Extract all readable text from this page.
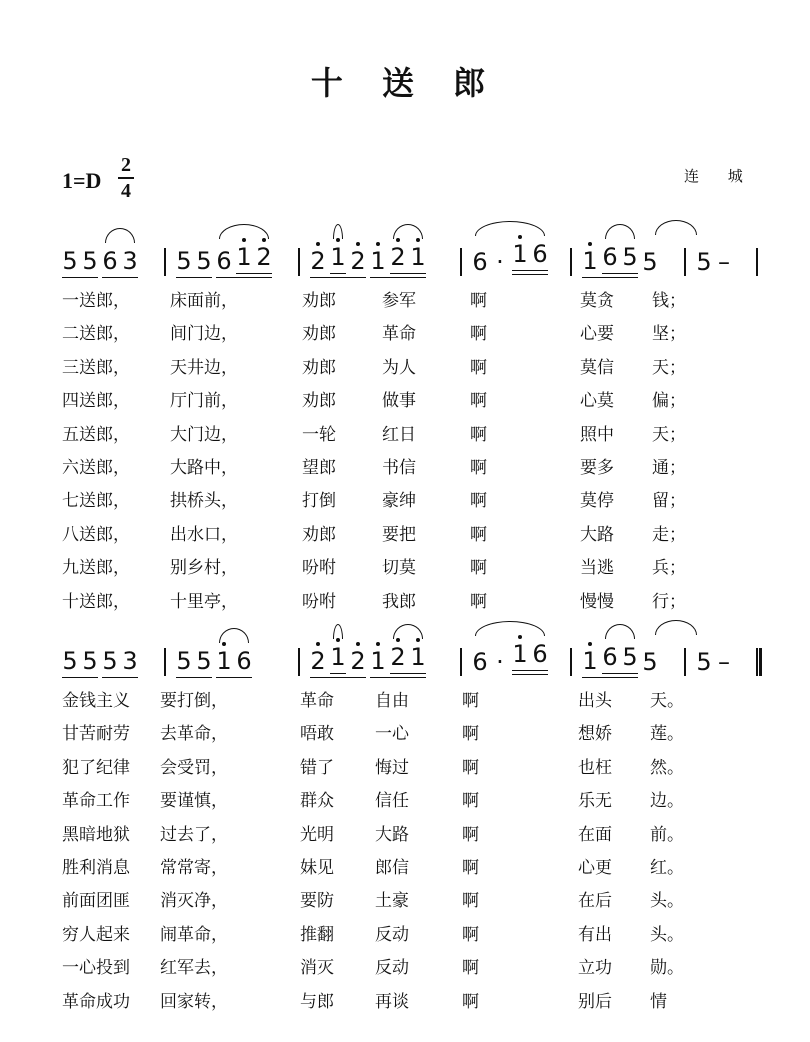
十 送 郎
1=D
2
4
连 城
5 5 6 3 5 5 6 1 2 2 1 2 1 2 1 6 · 1 6 1 6 5 5 5 –
5 5 5 3 5 5 1 6 2 1 2 1 2 1 6 · 1 6 1 6 5 5 5 –
一送郎， 床面前，	劝郎	参军	啊	莫贪 钱；
二送郎， 间门边，	劝郎	革命	啊	心要 坚；
三送郎， 天井边，	劝郎	为人	啊	莫信 天；
四送郎， 厅门前，	劝郎	做事	啊	心莫 偏；
五送郎， 大门边，	一轮	红日	啊	照中 天；
六送郎， 大路中，	望郎	书信	啊	要多 通；
七送郎， 拱桥头，	打倒	豪绅	啊	莫停 留；
八送郎， 出水口，	劝郎	要把	啊	大路 走；
九送郎， 别乡村，	吩咐	切莫	啊	当逃 兵；
十送郎， 十里亭，	吩咐	我郎	啊	慢慢 行；
金钱主义 要打倒，	革命 自由	啊	出头 天。
甘苦耐劳 去革命，	唔敢 一心	啊	想娇 莲。
犯了纪律 会受罚，	错了 悔过	啊	也枉 然。
革命工作 要谨慎，	群众 信任	啊	乐无 边。
黑暗地狱 过去了，	光明 大路	啊	在面 前。
胜利消息 常常寄，	妹见 郎信	啊	心更 红。
前面团匪 消灭净，	要防 土豪	啊	在后 头。
穷人起来 闹革命，	推翻 反动	啊	有出 头。
一心投到 红军去，	消灭 反动	啊	立功 勋。
革命成功 回家转，	与郎 再谈	啊	别后 情
